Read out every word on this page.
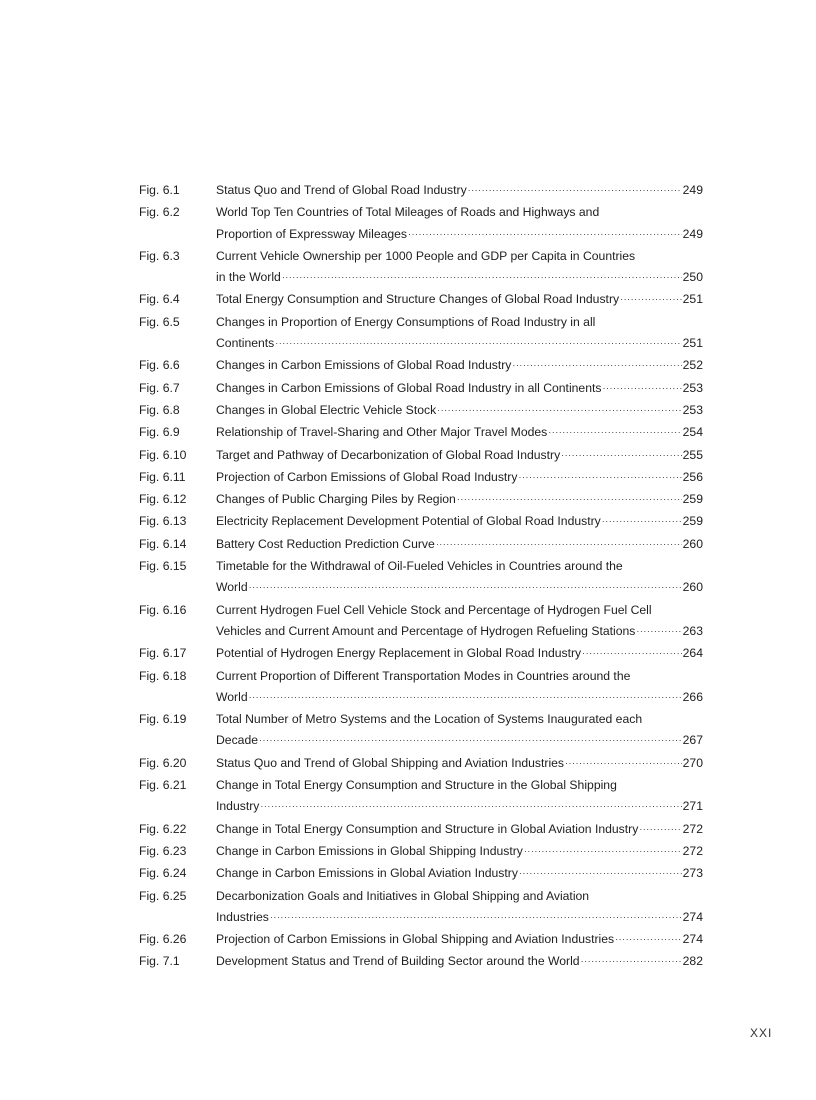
Fig. 6.1	Status Quo and Trend of Global Road Industry ·····	249
Fig. 6.2	World Top Ten Countries of Total Mileages of Roads and Highways and
Proportion of Expressway Mileages ·····	249
Fig. 6.3	Current Vehicle Ownership per 1000 People and GDP per Capita in Countries
in the World ·····	250
Fig. 6.4	Total Energy Consumption and Structure Changes of Global Road Industry ·····	251
Fig. 6.5	Changes in Proportion of Energy Consumptions of Road Industry in all
Continents ·····	251
Fig. 6.6	Changes in Carbon Emissions of Global Road Industry ·····	252
Fig. 6.7	Changes in Carbon Emissions of Global Road Industry in all Continents ·····	253
Fig. 6.8	Changes in Global Electric Vehicle Stock ·····	253
Fig. 6.9	Relationship of Travel-Sharing and Other Major Travel Modes ·····	254
Fig. 6.10	Target and Pathway of Decarbonization of Global Road Industry ·····	255
Fig. 6.11	Projection of Carbon Emissions of Global Road Industry ·····	256
Fig. 6.12	Changes of Public Charging Piles by Region ·····	259
Fig. 6.13	Electricity Replacement Development Potential of Global Road Industry ·····	259
Fig. 6.14	Battery Cost Reduction Prediction Curve ·····	260
Fig. 6.15	Timetable for the Withdrawal of Oil-Fueled Vehicles in Countries around the
World ·····	260
Fig. 6.16	Current Hydrogen Fuel Cell Vehicle Stock and Percentage of Hydrogen Fuel Cell
Vehicles and Current Amount and Percentage of Hydrogen Refueling Stations ·····	263
Fig. 6.17	Potential of Hydrogen Energy Replacement in Global Road Industry ·····	264
Fig. 6.18	Current Proportion of Different Transportation Modes in Countries around the
World ·····	266
Fig. 6.19	Total Number of Metro Systems and the Location of Systems Inaugurated each
Decade ·····	267
Fig. 6.20	Status Quo and Trend of Global Shipping and Aviation Industries ·····	270
Fig. 6.21	Change in Total Energy Consumption and Structure in the Global Shipping
Industry ·····	271
Fig. 6.22	Change in Total Energy Consumption and Structure in Global Aviation Industry ·····	272
Fig. 6.23	Change in Carbon Emissions in Global Shipping Industry ·····	272
Fig. 6.24	Change in Carbon Emissions in Global Aviation Industry ·····	273
Fig. 6.25	Decarbonization Goals and Initiatives in Global Shipping and Aviation
Industries ·····	274
Fig. 6.26	Projection of Carbon Emissions in Global Shipping and Aviation Industries ·····	274
Fig. 7.1	Development Status and Trend of Building Sector around the World ·····	282
XXI
